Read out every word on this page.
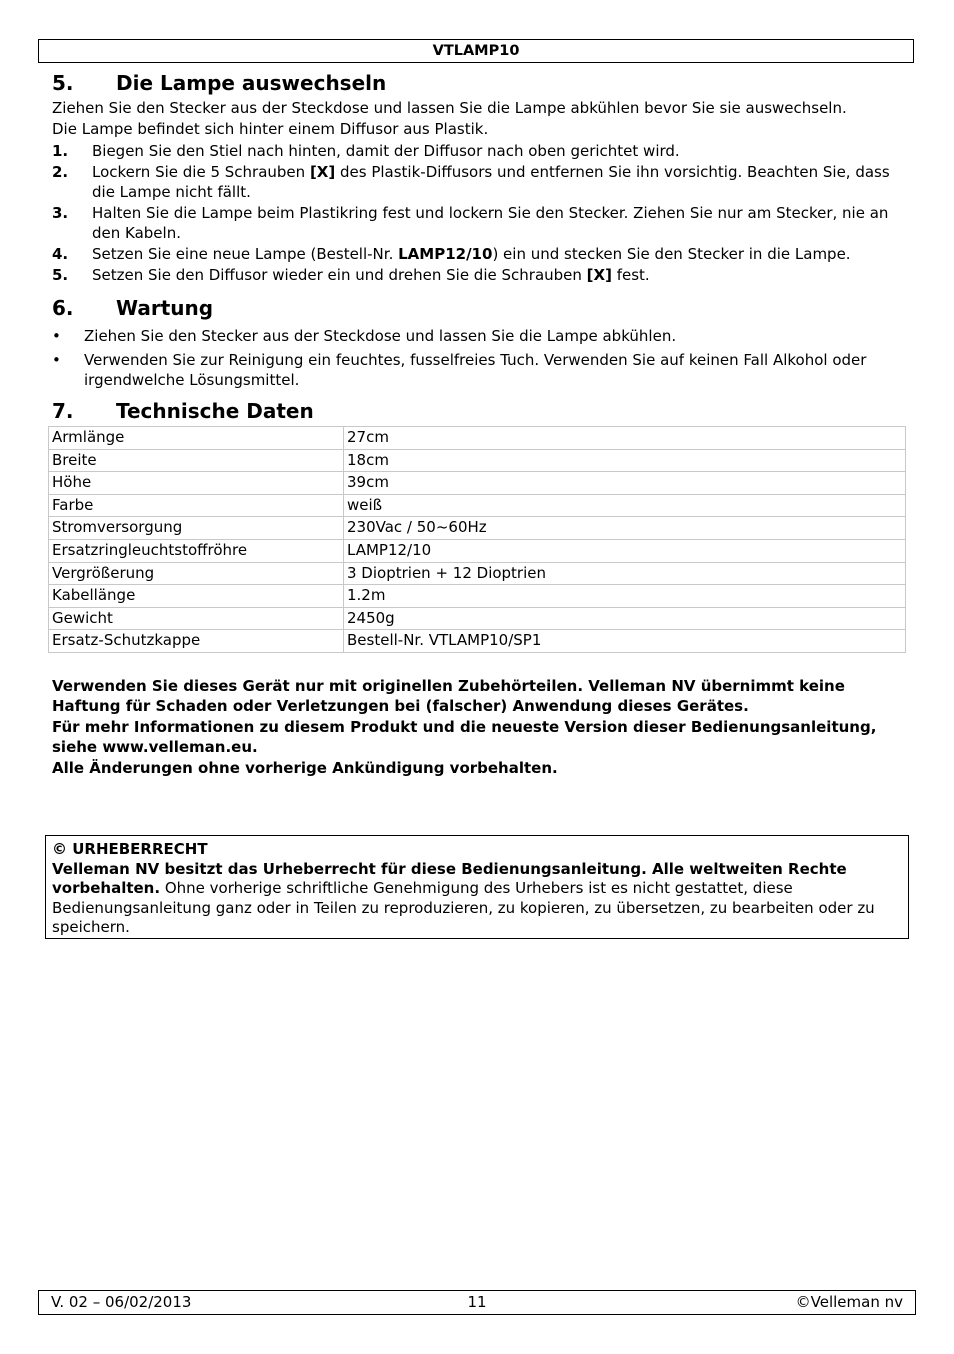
VTLAMP10
5.	Die Lampe auswechseln

Ziehen Sie den Stecker aus der Steckdose und lassen Sie die Lampe abkühlen bevor Sie sie auswechseln.

Die Lampe befindet sich hinter einem Diffusor aus Plastik.

1.	Biegen Sie den Stiel nach hinten, damit der Diffusor nach oben gerichtet wird.
2.	Lockern Sie die 5 Schrauben [X] des Plastik-Diffusors und entfernen Sie ihn vorsichtig. Beachten Sie, dass die Lampe nicht fällt.
3.	Halten Sie die Lampe beim Plastikring fest und lockern Sie den Stecker. Ziehen Sie nur am Stecker, nie an den Kabeln.
4.	Setzen Sie eine neue Lampe (Bestell-Nr. LAMP12/10) ein und stecken Sie den Stecker in die Lampe.
5.	Setzen Sie den Diffusor wieder ein und drehen Sie die Schrauben [X] fest.
6.	Wartung
•	Ziehen Sie den Stecker aus der Steckdose und lassen Sie die Lampe abkühlen.
•	Verwenden Sie zur Reinigung ein feuchtes, fusselfreies Tuch. Verwenden Sie auf keinen Fall Alkohol oder irgendwelche Lösungsmittel.
7.	Technische Daten
Armlänge	27cm
Breite	18cm
Höhe	39cm
Farbe	weiß
Stromversorgung	230Vac / 50~60Hz
Ersatzringleuchtstoffröhre	LAMP12/10
Vergrößerung	3 Dioptrien + 12 Dioptrien
Kabellänge	1.2m
Gewicht	2450g
Ersatz-Schutzkappe	Bestell-Nr. VTLAMP10/SP1

Verwenden Sie dieses Gerät nur mit originellen Zubehörteilen. Velleman NV übernimmt keine Haftung für Schaden oder Verletzungen bei (falscher) Anwendung dieses Gerätes.

Für mehr Informationen zu diesem Produkt und die neueste Version dieser Bedienungsanleitung, siehe www.velleman.eu.

Alle Änderungen ohne vorherige Ankündigung vorbehalten.

© URHEBERRECHT
Velleman NV besitzt das Urheberrecht für diese Bedienungsanleitung. Alle weltweiten Rechte vorbehalten. Ohne vorherige schriftliche Genehmigung des Urhebers ist es nicht gestattet, diese Bedienungsanleitung ganz oder in Teilen zu reproduzieren, zu kopieren, zu übersetzen, zu bearbeiten oder zu speichern.
V. 02 – 06/02/2013	11	©Velleman nv
